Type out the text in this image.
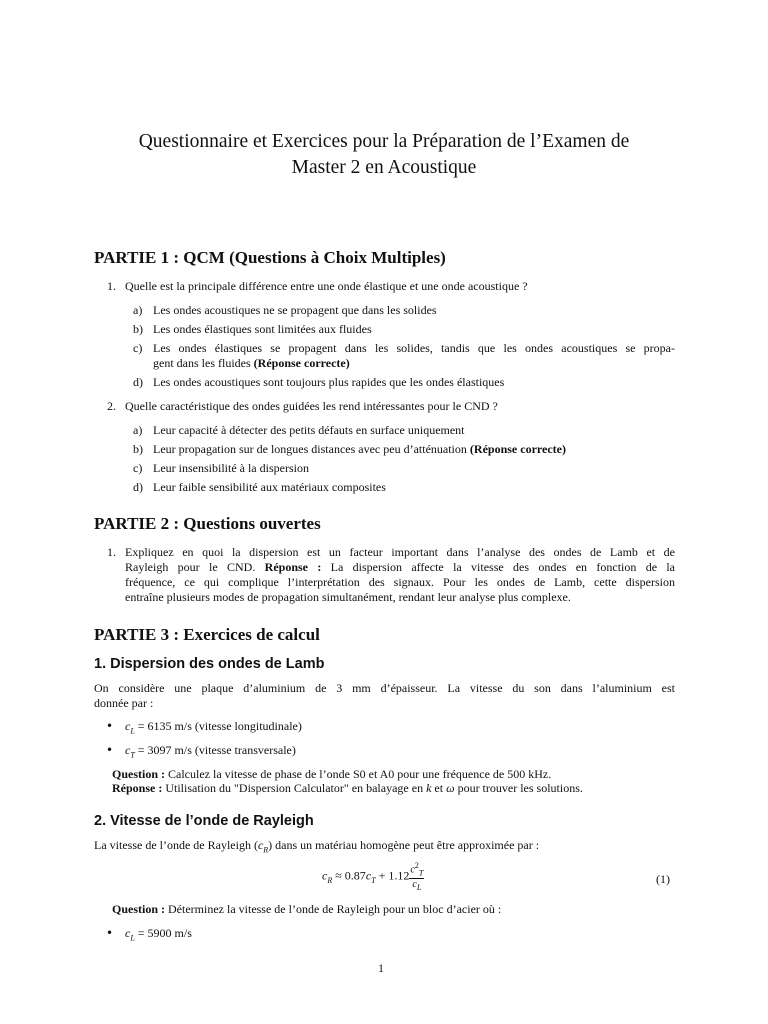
Questionnaire et Exercices pour la Préparation de l’Examen de
Master 2 en Acoustique
PARTIE 1 : QCM (Questions à Choix Multiples)
1. Quelle est la principale différence entre une onde élastique et une onde acoustique ?
a) Les ondes acoustiques ne se propagent que dans les solides
b) Les ondes élastiques sont limitées aux fluides
c) Les ondes élastiques se propagent dans les solides, tandis que les ondes acoustiques se propa-
gent dans les fluides (Réponse correcte)
d) Les ondes acoustiques sont toujours plus rapides que les ondes élastiques
2. Quelle caractéristique des ondes guidées les rend intéressantes pour le CND ?
a) Leur capacité à détecter des petits défauts en surface uniquement
b) Leur propagation sur de longues distances avec peu d’atténuation (Réponse correcte)
c) Leur insensibilité à la dispersion
d) Leur faible sensibilité aux matériaux composites
PARTIE 2 : Questions ouvertes
1. Expliquez en quoi la dispersion est un facteur important dans l’analyse des ondes de Lamb et de
Rayleigh pour le CND. Réponse : La dispersion affecte la vitesse des ondes en fonction de la
fréquence, ce qui complique l’interprétation des signaux. Pour les ondes de Lamb, cette dispersion
entraîne plusieurs modes de propagation simultanément, rendant leur analyse plus complexe.
PARTIE 3 : Exercices de calcul
1. Dispersion des ondes de Lamb
On considère une plaque d’aluminium de 3 mm d’épaisseur. La vitesse du son dans l’aluminium est
donnée par :
• $c_L = 6135$ m/s (vitesse longitudinale)
• $c_T = 3097$ m/s (vitesse transversale)
Question : Calculez la vitesse de phase de l’onde S0 et A0 pour une fréquence de 500 kHz.
Réponse : Utilisation du "Dispersion Calculator" en balayage en k et ω pour trouver les solutions.
2. Vitesse de l’onde de Rayleigh
La vitesse de l’onde de Rayleigh $(c_R)$ dans un matériau homogène peut être approximée par :
$c_R \approx 0.87c_T + 1.12 \frac{c^2_T}{c_L}$	(1)
Question : Déterminez la vitesse de l’onde de Rayleigh pour un bloc d’acier où :
• $c_L = 5900$ m/s
1
